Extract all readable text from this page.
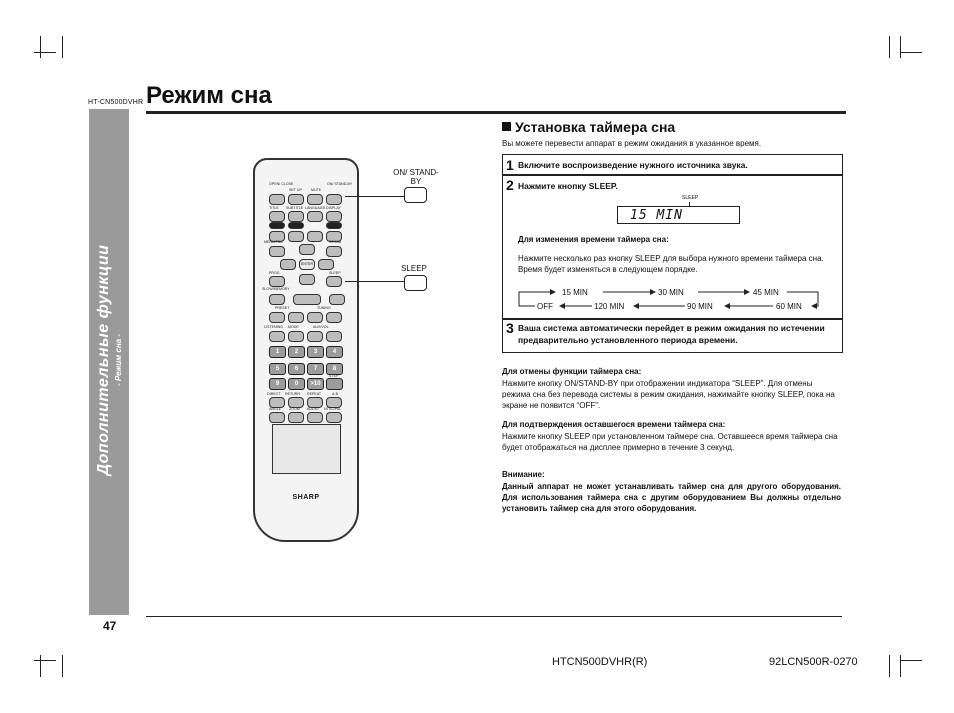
HT-CN500DVHR Режим сна
Дополнительные функции - Режим сна -
47
HTCN500DVHR(R)	92LCN500R-0270
OPEN/ CLOSE	ON/ STAND-BY
SET UP	MUTE
TITLE SUBTITLE LANGUAGE DISPLAY
MENU/PBC	ST/MID
ENTER
PROG.	SLEEP
SLOW/MEMORY
PRESET	TUNING
LISTENING MODE	AUX/VOL
1	2	3	4
5	6	7	8
STEP
9	0	>10
DIRECT RETURN REPEAT	A-B
ANGLE ZOOM AUDIO NTSC/PAL
SHARP
ON/ STAND-BY
SLEEP
Установка таймера сна
Вы можете перевести аппарат в режим ожидания в указанное время.
1 Включите воспроизведение нужного источника звука.
2 Нажмите кнопку SLEEP.
SLEEP
15 MIN
Для изменения времени таймера сна:
Нажмите несколько раз кнопку SLEEP для выбора нужного времени таймера сна. Время будет изменяться в следующем порядке.
15 MIN	30 MIN	45 MIN
OFF	120 MIN	90 MIN	60 MIN
3 Ваша система автоматически перейдет в режим ожидания по истечении предварительно установленного периода времени.
Для отмены функции таймера сна:
Нажмите кнопку ON/STAND-BY при отображении индикатора “SLEEP”. Для отмены режима сна без перевода системы в режим ожидания, нажимайте кнопку SLEEP, пока на экране не появится “OFF”.
Для подтверждения оставшегося времени таймера сна:
Нажмите кнопку SLEEP при установленном таймере сна. Оставшееся время таймера сна будет отображаться на дисплее примерно в течение 3 секунд.
Внимание:
Данный аппарат не может устанавливать таймер сна для другого оборудования. Для использования таймера сна с другим оборудованием Вы должны отдельно установить таймер сна для этого оборудования.
